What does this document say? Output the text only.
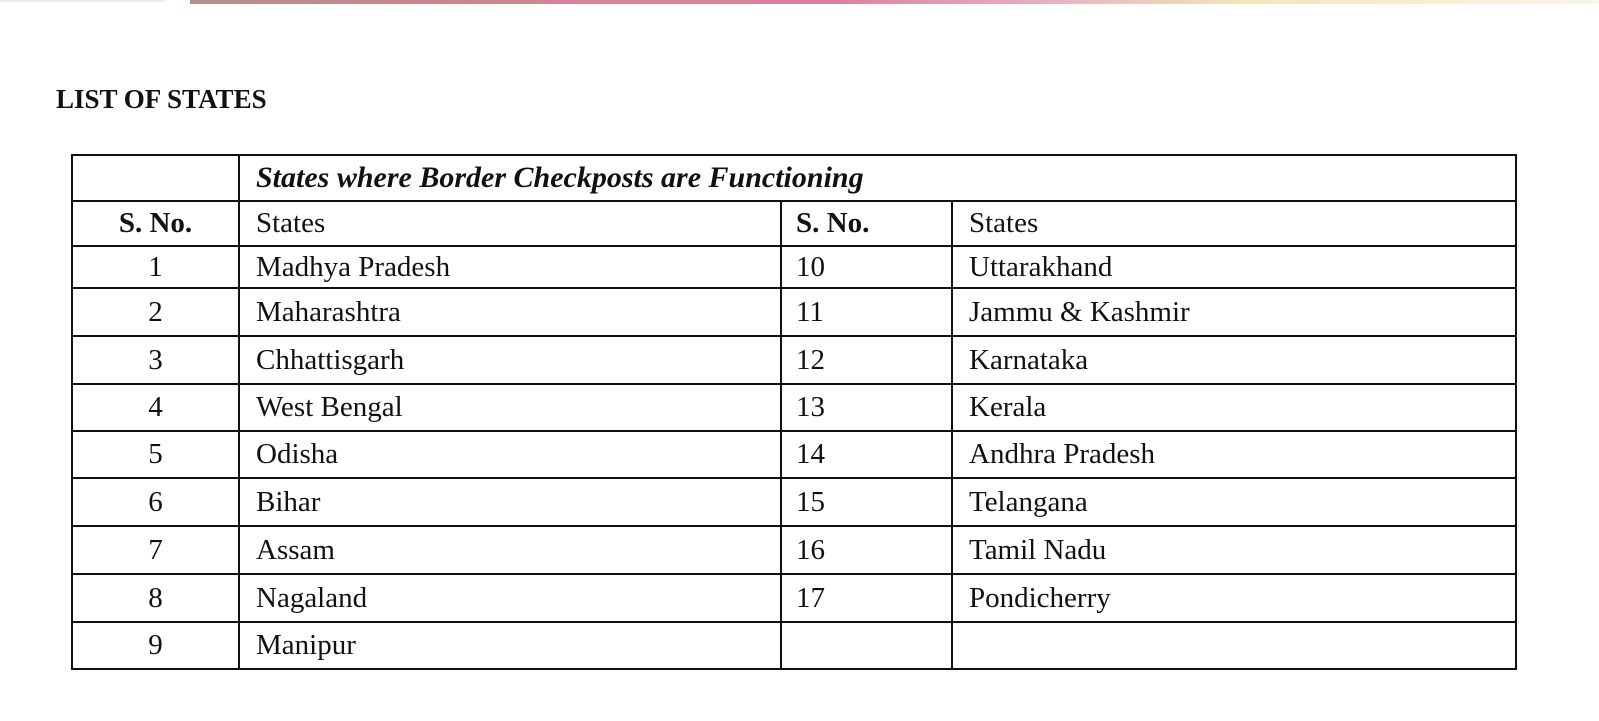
LIST OF STATES
	States where Border Checkposts are Functioning		
S. No.	States	S. No.	States
1	Madhya Pradesh	10	Uttarakhand
2	Maharashtra	11	Jammu & Kashmir
3	Chhattisgarh	12	Karnataka
4	West Bengal	13	Kerala
5	Odisha	14	Andhra Pradesh
6	Bihar	15	Telangana
7	Assam	16	Tamil Nadu
8	Nagaland	17	Pondicherry
9	Manipur		
